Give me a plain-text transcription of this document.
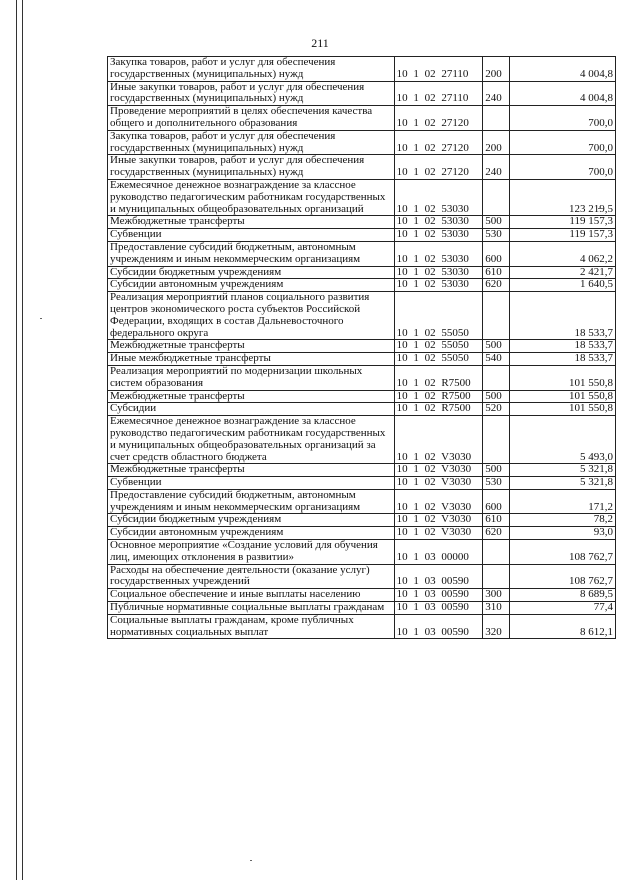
211
Закупка товаров, работ и услуг для обеспечения государственных (муниципальных) нужд	10 1 02 27110	200	4 004,8
Иные закупки товаров, работ и услуг для обеспечения государственных (муниципальных) нужд	10 1 02 27110	240	4 004,8
Проведение мероприятий в целях обеспечения качества общего и дополнительного образования	10 1 02 27120		700,0
Закупка товаров, работ и услуг для обеспечения государственных (муниципальных) нужд	10 1 02 27120	200	700,0
Иные закупки товаров, работ и услуг для обеспечения государственных (муниципальных) нужд	10 1 02 27120	240	700,0
Ежемесячное денежное вознаграждение за классное руководство педагогическим работникам государственных и муниципальных общеобразовательных организаций	10 1 02 53030		123 219,5
Межбюджетные трансферты	10 1 02 53030	500	119 157,3
Субвенции	10 1 02 53030	530	119 157,3
Предоставление субсидий бюджетным, автономным учреждениям и иным некоммерческим организациям	10 1 02 53030	600	4 062,2
Субсидии бюджетным учреждениям	10 1 02 53030	610	2 421,7
Субсидии автономным учреждениям	10 1 02 53030	620	1 640,5
Реализация мероприятий планов социального развития центров экономического роста субъектов Российской Федерации, входящих в состав Дальневосточного федерального округа	10 1 02 55050		18 533,7
Межбюджетные трансферты	10 1 02 55050	500	18 533,7
Иные межбюджетные трансферты	10 1 02 55050	540	18 533,7
Реализация мероприятий по модернизации школьных систем образования	10 1 02 R7500		101 550,8
Межбюджетные трансферты	10 1 02 R7500	500	101 550,8
Субсидии	10 1 02 R7500	520	101 550,8
Ежемесячное денежное вознаграждение за классное руководство педагогическим работникам государственных и муниципальных общеобразовательных организаций за счет средств областного бюджета	10 1 02 V3030		5 493,0
Межбюджетные трансферты	10 1 02 V3030	500	5 321,8
Субвенции	10 1 02 V3030	530	5 321,8
Предоставление субсидий бюджетным, автономным учреждениям и иным некоммерческим организациям	10 1 02 V3030	600	171,2
Субсидии бюджетным учреждениям	10 1 02 V3030	610	78,2
Субсидии автономным учреждениям	10 1 02 V3030	620	93,0
Основное мероприятие «Создание условий для обучения лиц, имеющих отклонения в развитии»	10 1 03 00000		108 762,7
Расходы на обеспечение деятельности (оказание услуг) государственных учреждений	10 1 03 00590		108 762,7
Социальное обеспечение и иные выплаты населению	10 1 03 00590	300	8 689,5
Публичные нормативные социальные выплаты гражданам	10 1 03 00590	310	77,4
Социальные выплаты гражданам, кроме публичных нормативных социальных выплат	10 1 03 00590	320	8 612,1
